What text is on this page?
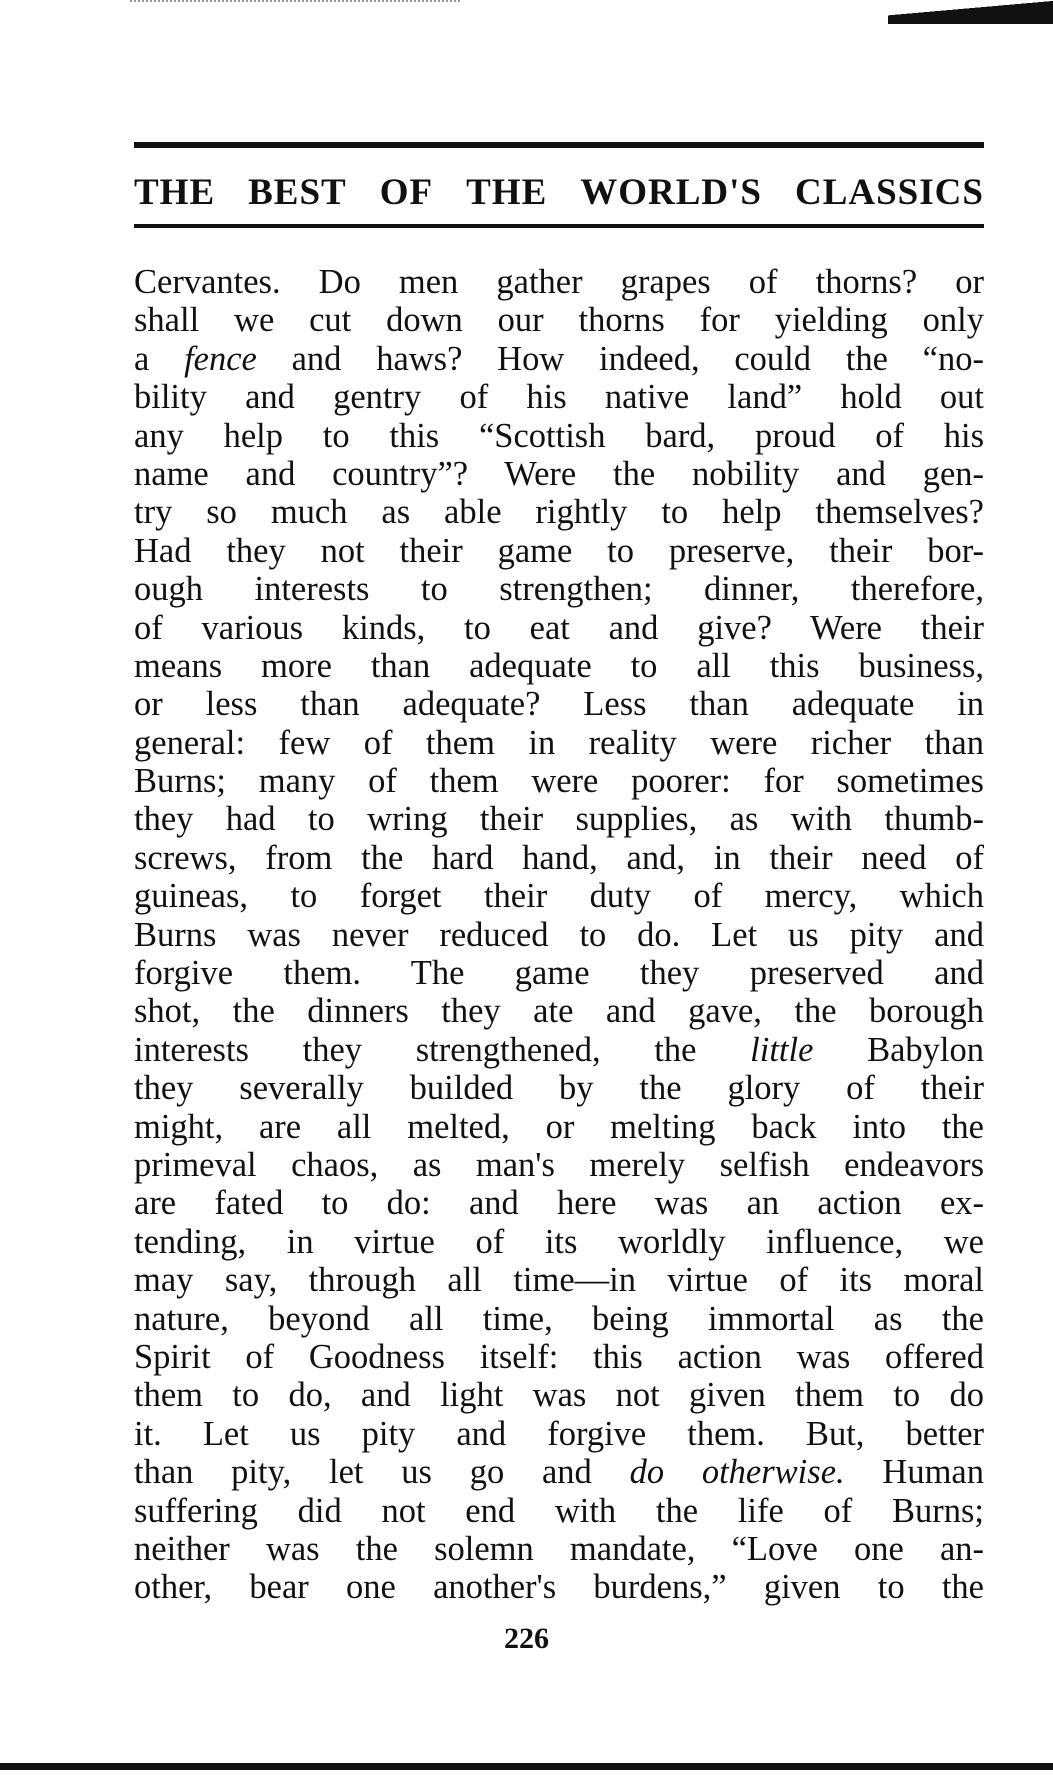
THE BEST OF THE WORLD'S CLASSICS
Cervantes. Do men gather grapes of thorns? or
shall we cut down our thorns for yielding only
a fence and haws? How indeed, could the “no-
bility and gentry of his native land” hold out
any help to this “Scottish bard, proud of his
name and country”? Were the nobility and gen-
try so much as able rightly to help themselves?
Had they not their game to preserve, their bor-
ough interests to strengthen; dinner, therefore,
of various kinds, to eat and give? Were their
means more than adequate to all this business,
or less than adequate? Less than adequate in
general: few of them in reality were richer than
Burns; many of them were poorer: for sometimes
they had to wring their supplies, as with thumb-
screws, from the hard hand, and, in their need of
guineas, to forget their duty of mercy, which
Burns was never reduced to do. Let us pity and
forgive them. The game they preserved and
shot, the dinners they ate and gave, the borough
interests they strengthened, the little Babylon
they severally builded by the glory of their
might, are all melted, or melting back into the
primeval chaos, as man's merely selfish endeavors
are fated to do: and here was an action ex-
tending, in virtue of its worldly influence, we
may say, through all time—in virtue of its moral
nature, beyond all time, being immortal as the
Spirit of Goodness itself: this action was offered
them to do, and light was not given them to do
it. Let us pity and forgive them. But, better
than pity, let us go and do otherwise. Human
suffering did not end with the life of Burns;
neither was the solemn mandate, “Love one an-
other, bear one another's burdens,” given to the
226
